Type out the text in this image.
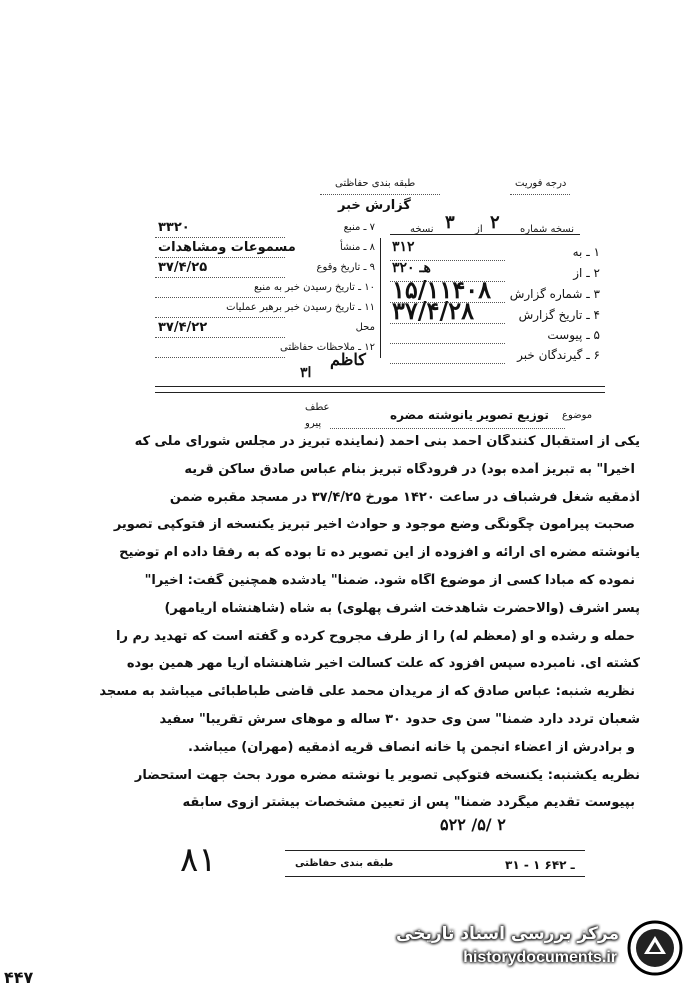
درجه فوریت
طبقه بندی حفاظتی
گزارش خبر
نسخه شماره
۲
از
۳
نسخه
۱ ـ به
۳۱۲
۲ ـ از
۳۲۰ هـ
۳ ـ شماره گزارش
۱۵/۱۱۴۰۸
۴ ـ تاریخ گزارش
۳۷/۴/۲۸
۵ ـ پیوست
۶ ـ گیرندگان خبر
۷ ـ منبع
۳۳۲۰
۸ ـ منشأ
مسموعات ومشاهدات
۹ ـ تاریخ وقوع
۳۷/۴/۲۵
۱۰ ـ تاریخ رسیدن خبر به منبع
۱۱ ـ تاریخ رسیدن خبر برهبر عملیات
محل
۳۷/۴/۲۲
۱۲ ـ ملاحظات حفاظتی
کاظم
۳ا
عطف
پیرو
موضوع
توزیع تصویر یانوشته مضره
یکی از استقبال کنندگان احمد بنی احمد (نماینده تبریز در مجلس شورای ملی که
اخیرا" به تبریز آمده بود) در فرودگاه تبریز بنام عباس صادق ساکن قریه
آذمقیه شغل فرشباف در ساعت ۱۴۲۰ مورخ ۳۷/۴/۲۵ در مسجد مقبره ضمن
صحبت پیرامون چگونگی وضع موجود و حوادث اخیر تبریز یکنسخه از فتوکپی تصویر
یانوشته مضره ای ارائه و افزوده از این تصویر ده تا بوده که به رفقا داده ام توضیح
نموده که مبادا کسی از موضوع آگاه شود. ضمنا" یادشده همچنین گفت: اخیرا"
پسر اشرف (والاحضرت شاهدخت اشرف پهلوی) به شاه (شاهنشاه آریامهر)
حمله و رشده و او (معظم له) را از طرف مجروح کرده و گفته است که تهدید رم را
کشته ای. نامبرده سپس افزود که علت کسالت اخیر شاهنشاه آریا مهر همین بوده
نظریه شنبه: عباس صادق که از مریدان محمد علی قاضی طباطبائی میباشد به مسجد
شعبان تردد دارد ضمنا" سن وی حدود ۳۰ ساله و موهای سرش تقریبا" سفید
و برادرش از اعضاء انجمن پا خانه انصاف قریه آذمقیه (مهران) میباشد.
نظریه یکشنبه: یکنسخه فتوکپی تصویر یا نوشته مضره مورد بحث جهت استحضار
بپیوست تقدیم میگردد ضمنا" پس از تعیین مشخصات بیشتر ازوی سابقه
۵۲۲ /۵/ ۲
۸۱	طبقه بندی حفاظتی	۳۱ - ۱ ـ ۶۴۲
مرکز بررسی اسناد تاریخی
historydocuments.ir
۴۴۷
